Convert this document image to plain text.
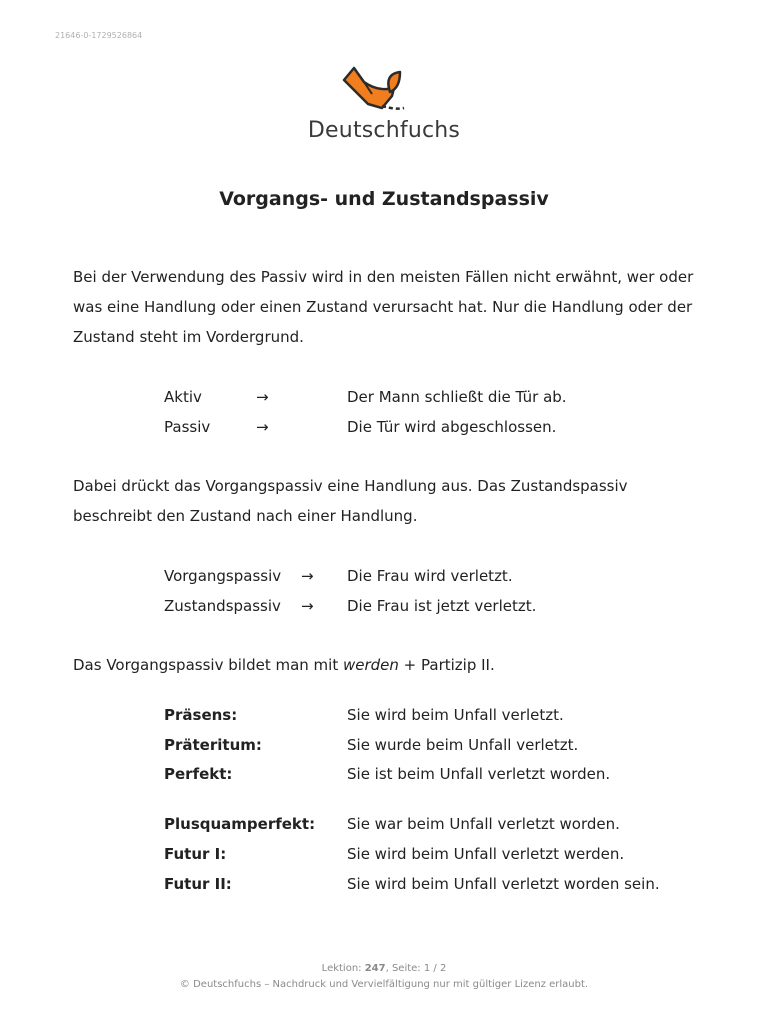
21646-0-1729526864
Deutschfuchs
Vorgangs- und Zustandspassiv
Bei der Verwendung des Passiv wird in den meisten Fällen nicht erwähnt, wer oder was eine Handlung oder einen Zustand verursacht hat. Nur die Handlung oder der Zustand steht im Vordergrund.
Aktiv	→	Der Mann schließt die Tür ab.
Passiv	→	Die Tür wird abgeschlossen.
Dabei drückt das Vorgangspassiv eine Handlung aus. Das Zustandspassiv beschreibt den Zustand nach einer Handlung.
Vorgangspassiv → Die Frau wird verletzt.
Zustandspassiv → Die Frau ist jetzt verletzt.
Das Vorgangspassiv bildet man mit werden + Partizip II.
Präsens:	Sie wird beim Unfall verletzt.
Präteritum:	Sie wurde beim Unfall verletzt.
Perfekt:	Sie ist beim Unfall verletzt worden.
Plusquamperfekt: Sie war beim Unfall verletzt worden.
Futur I:	Sie wird beim Unfall verletzt werden.
Futur II:	Sie wird beim Unfall verletzt worden sein.
Lektion: 247, Seite: 1 / 2
© Deutschfuchs – Nachdruck und Vervielfältigung nur mit gültiger Lizenz erlaubt.
